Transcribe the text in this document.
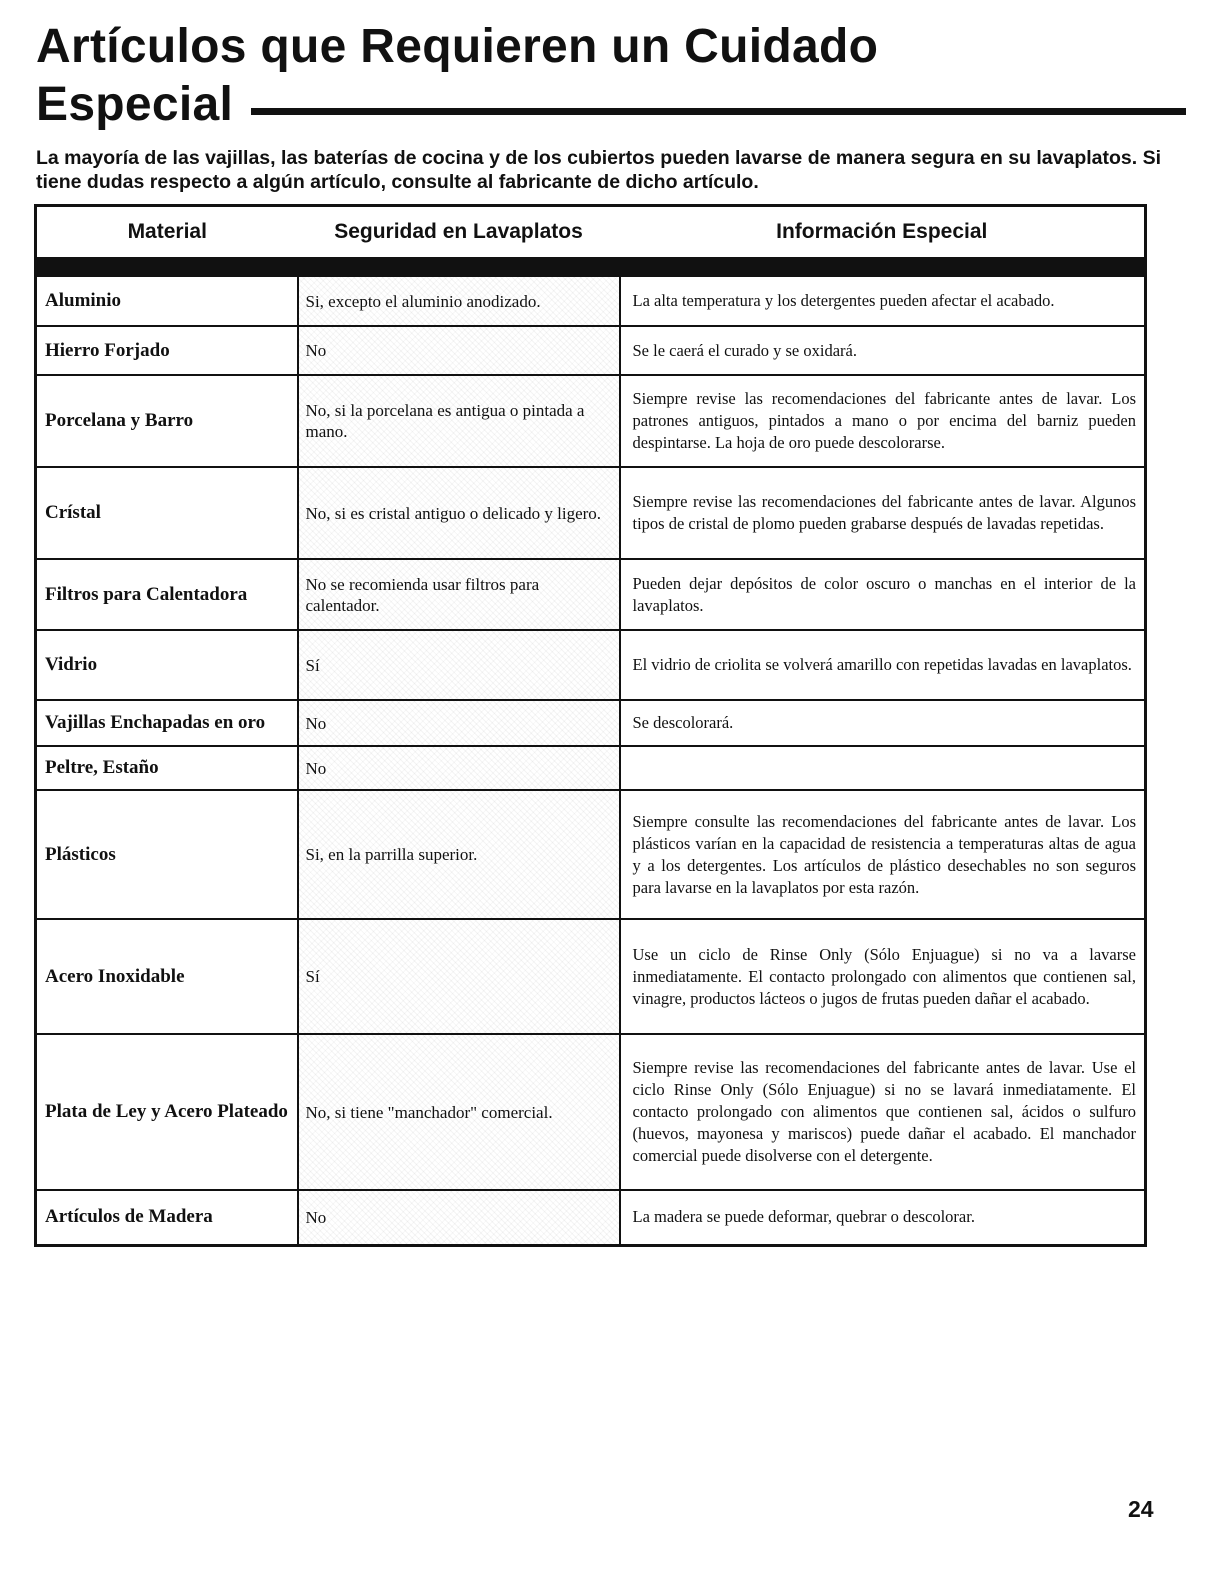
Artículos que Requieren un Cuidado
Especial

La mayoría de las vajillas, las baterías de cocina y de los cubiertos pueden lavarse de manera segura en su lavaplatos. Si tiene dudas respecto a algún artículo, consulte al fabricante de dicho artículo.

Material	Seguridad en Lavaplatos	Información Especial

Aluminio	Si, excepto el aluminio anodizado.	La alta temperatura y los detergentes pueden afectar el acabado.
Hierro Forjado	No	Se le caerá el curado y se oxidará.
Porcelana y Barro	No, si la porcelana es antigua o pintada a mano.	Siempre revise las recomendaciones del fabricante antes de lavar. Los patrones antiguos, pintados a mano o por encima del barniz pueden despintarse. La hoja de oro puede descolorarse.
Crístal	No, si es cristal antiguo o delicado y ligero.	Siempre revise las recomendaciones del fabricante antes de lavar. Algunos tipos de cristal de plomo pueden grabarse después de lavadas repetidas.
Filtros para Calentadora	No se recomienda usar filtros para calentador.	Pueden dejar depósitos de color oscuro o manchas en el interior de la lavaplatos.
Vidrio	Sí	El vidrio de criolita se volverá amarillo con repetidas lavadas en lavaplatos.
Vajillas Enchapadas en oro	No	Se descolorará.
Peltre, Estaño	No	
Plásticos	Si, en la parrilla superior.	Siempre consulte las recomendaciones del fabricante antes de lavar. Los plásticos varían en la capacidad de resistencia a temperaturas altas de agua y a los detergentes. Los artículos de plástico desechables no son seguros para lavarse en la lavaplatos por esta razón.
Acero Inoxidable	Sí	Use un ciclo de Rinse Only (Sólo Enjuague) si no va a lavarse inmediatamente. El contacto prolongado con alimentos que contienen sal, vinagre, productos lácteos o jugos de frutas pueden dañar el acabado.
Plata de Ley y Acero Plateado	No, si tiene "manchador" comercial.	Siempre revise las recomendaciones del fabricante antes de lavar. Use el ciclo Rinse Only (Sólo Enjuague) si no se lavará inmediatamente. El contacto prolongado con alimentos que contienen sal, ácidos o sulfuro (huevos, mayonesa y mariscos) puede dañar el acabado. El manchador comercial puede disolverse con el detergente.
Artículos de Madera	No	La madera se puede deformar, quebrar o descolorar.
24
